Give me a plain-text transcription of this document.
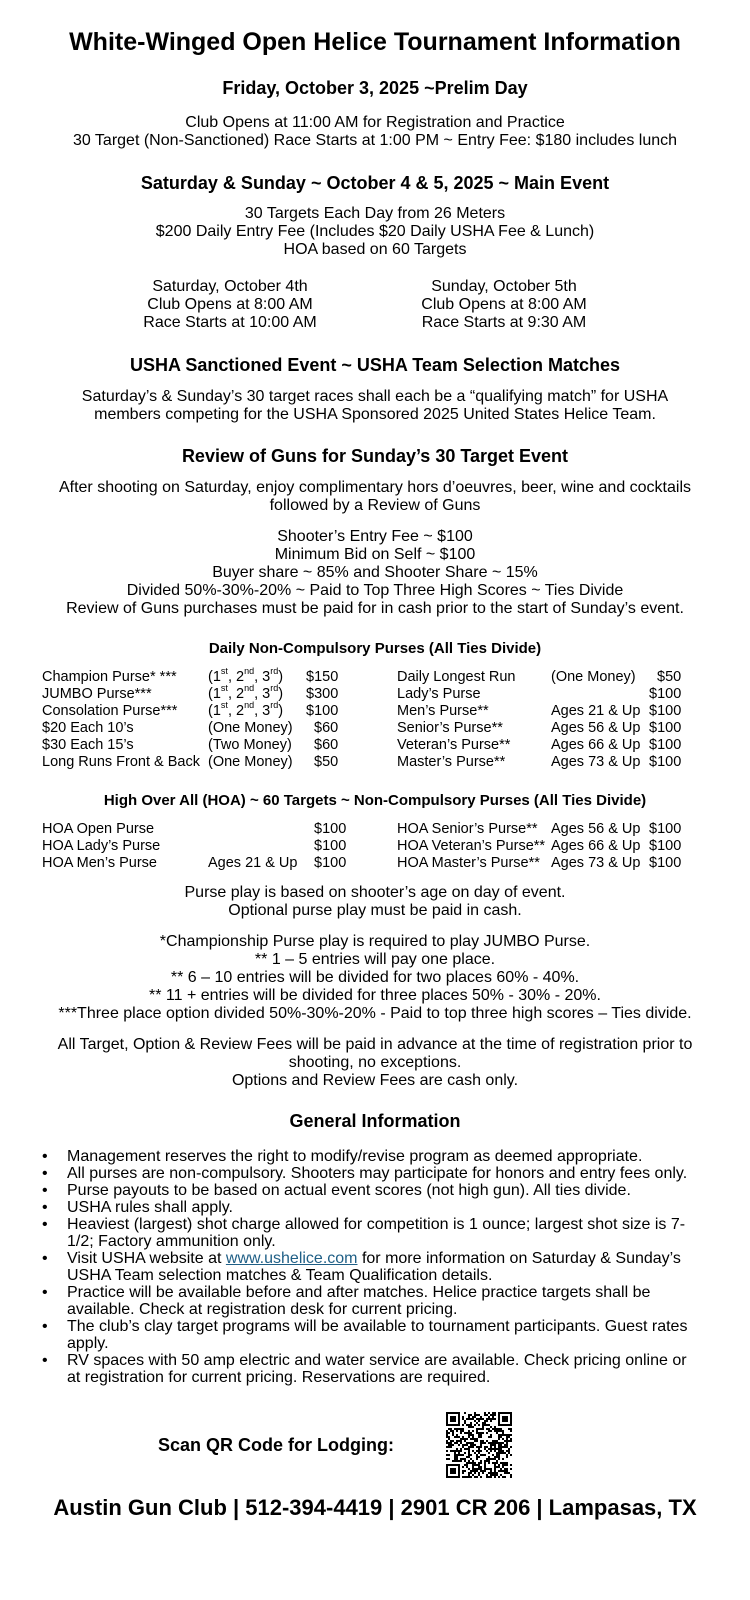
White-Winged Open Helice Tournament Information
Friday, October 3, 2025 ~Prelim Day
Club Opens at 11:00 AM for Registration and Practice
30 Target (Non-Sanctioned) Race Starts at 1:00 PM ~ Entry Fee: $180 includes lunch
Saturday & Sunday ~ October 4 & 5, 2025 ~ Main Event
30 Targets Each Day from 26 Meters
$200 Daily Entry Fee (Includes $20 Daily USHA Fee & Lunch)
HOA based on 60 Targets
Saturday, October 4th
Club Opens at 8:00 AM
Race Starts at 10:00 AM
Sunday, October 5th
Club Opens at 8:00 AM
Race Starts at 9:30 AM
USHA Sanctioned Event ~ USHA Team Selection Matches
Saturday’s & Sunday’s 30 target races shall each be a “qualifying match” for USHA
members competing for the USHA Sponsored 2025 United States Helice Team.
Review of Guns for Sunday’s 30 Target Event
After shooting on Saturday, enjoy complimentary hors d’oeuvres, beer, wine and cocktails
followed by a Review of Guns
Shooter’s Entry Fee ~ $100
Minimum Bid on Self ~ $100
Buyer share ~ 85% and Shooter Share ~ 15%
Divided 50%-30%-20% ~ Paid to Top Three High Scores ~ Ties Divide
Review of Guns purchases must be paid for in cash prior to the start of Sunday’s event.
Daily Non-Compulsory Purses (All Ties Divide)
Champion Purse* *** (1st, 2nd, 3rd) $150
JUMBO Purse***	(1st, 2nd, 3rd) $300
Consolation Purse*** (1st, 2nd, 3rd) $100
$20 Each 10’s	(One Money) $60
$30 Each 15’s	(Two Money) $60
Long Runs Front & Back (One Money) $50
Daily Longest Run (One Money) $50
Lady’s Purse	$100
Men’s Purse**	Ages 21 & Up $100
Senior’s Purse**	Ages 56 & Up $100
Veteran’s Purse**	Ages 66 & Up $100
Master’s Purse**	Ages 73 & Up $100
High Over All (HOA) ~ 60 Targets ~ Non-Compulsory Purses (All Ties Divide)
HOA Open Purse	$100
HOA Lady’s Purse	$100
HOA Men’s Purse	Ages 21 & Up $100
HOA Senior’s Purse** Ages 56 & Up $100
HOA Veteran’s Purse** Ages 66 & Up $100
HOA Master’s Purse** Ages 73 & Up $100
Purse play is based on shooter’s age on day of event.
Optional purse play must be paid in cash.
*Championship Purse play is required to play JUMBO Purse.
** 1 – 5 entries will pay one place.
** 6 – 10 entries will be divided for two places 60% - 40%.
** 11 + entries will be divided for three places 50% - 30% - 20%.
***Three place option divided 50%-30%-20% - Paid to top three high scores – Ties divide.
All Target, Option & Review Fees will be paid in advance at the time of registration prior to
shooting, no exceptions.
Options and Review Fees are cash only.
General Information
• Management reserves the right to modify/revise program as deemed appropriate.
• All purses are non-compulsory. Shooters may participate for honors and entry fees only.
• Purse payouts to be based on actual event scores (not high gun). All ties divide.
• USHA rules shall apply.
• Heaviest (largest) shot charge allowed for competition is 1 ounce; largest shot size is 7-1/2; Factory ammunition only.
• Visit USHA website at www.ushelice.com for more information on Saturday & Sunday’s USHA Team selection matches & Team Qualification details.
• Practice will be available before and after matches. Helice practice targets shall be available. Check at registration desk for current pricing.
• The club’s clay target programs will be available to tournament participants. Guest rates apply.
• RV spaces with 50 amp electric and water service are available. Check pricing online or at registration for current pricing. Reservations are required.
Scan QR Code for Lodging:
Austin Gun Club | 512-394-4419 | 2901 CR 206 | Lampasas, TX
